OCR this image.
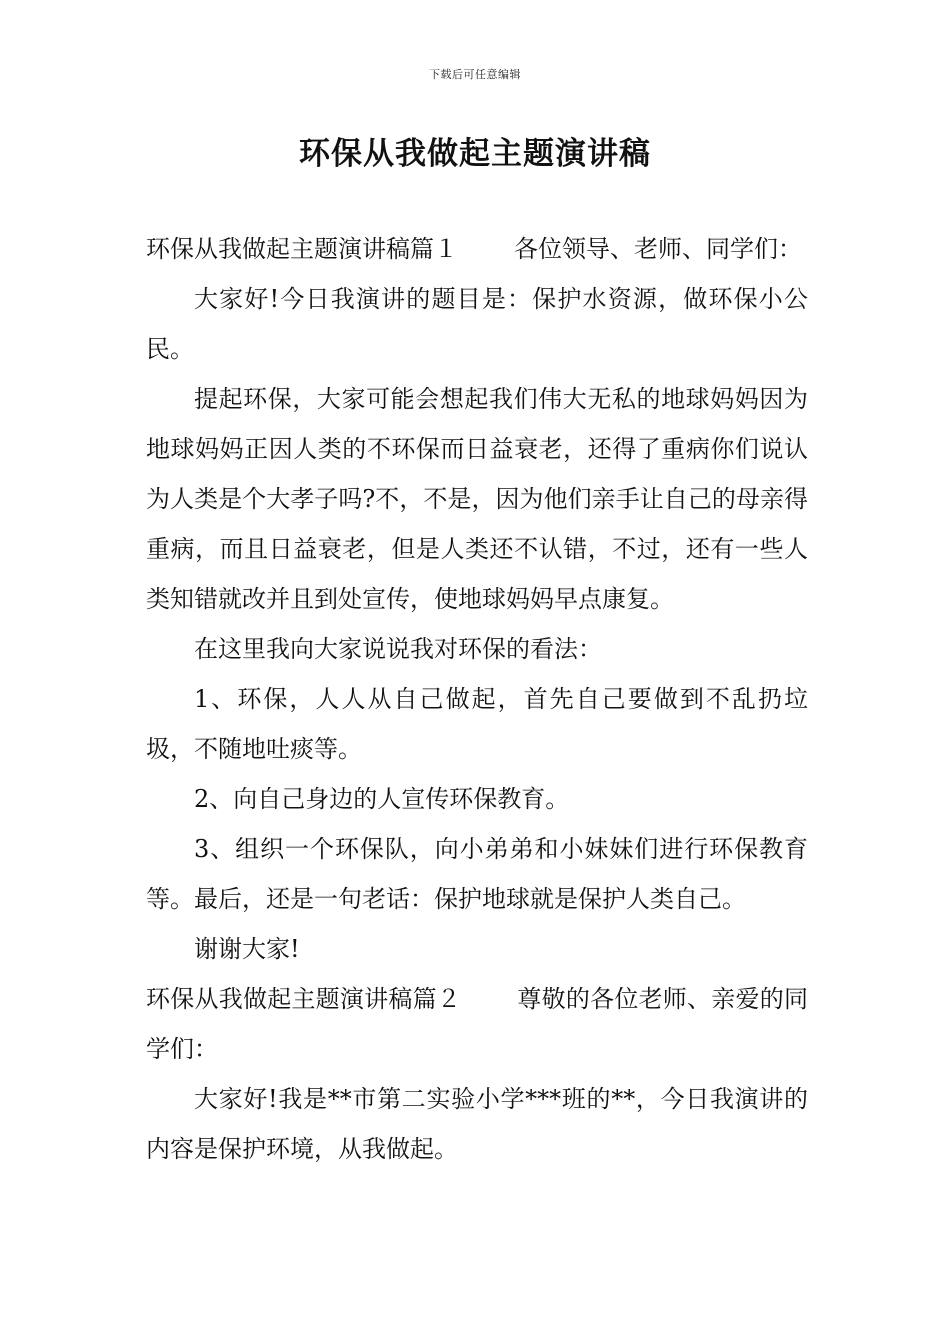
下载后可任意编辑
环保从我做起主题演讲稿

环保从我做起主题演讲稿篇１ 各位领导、老师、同学们：

大家好!今日我演讲的题目是：保护水资源，做环保小公民。

提起环保，大家可能会想起我们伟大无私的地球妈妈因为地球妈妈正因人类的不环保而日益衰老，还得了重病你们说认为人类是个大孝子吗?不，不是，因为他们亲手让自己的母亲得重病，而且日益衰老，但是人类还不认错，不过，还有一些人类知错就改并且到处宣传，使地球妈妈早点康复。

在这里我向大家说说我对环保的看法：

1、环保，人人从自己做起，首先自己要做到不乱扔垃圾，不随地吐痰等。

2、向自己身边的人宣传环保教育。

3、组织一个环保队，向小弟弟和小妹妹们进行环保教育等。最后，还是一句老话：保护地球就是保护人类自己。

谢谢大家!

环保从我做起主题演讲稿篇２ 尊敬的各位老师、亲爱的同学们：

大家好!我是**市第二实验小学***班的**，今日我演讲的内容是保护环境，从我做起。
